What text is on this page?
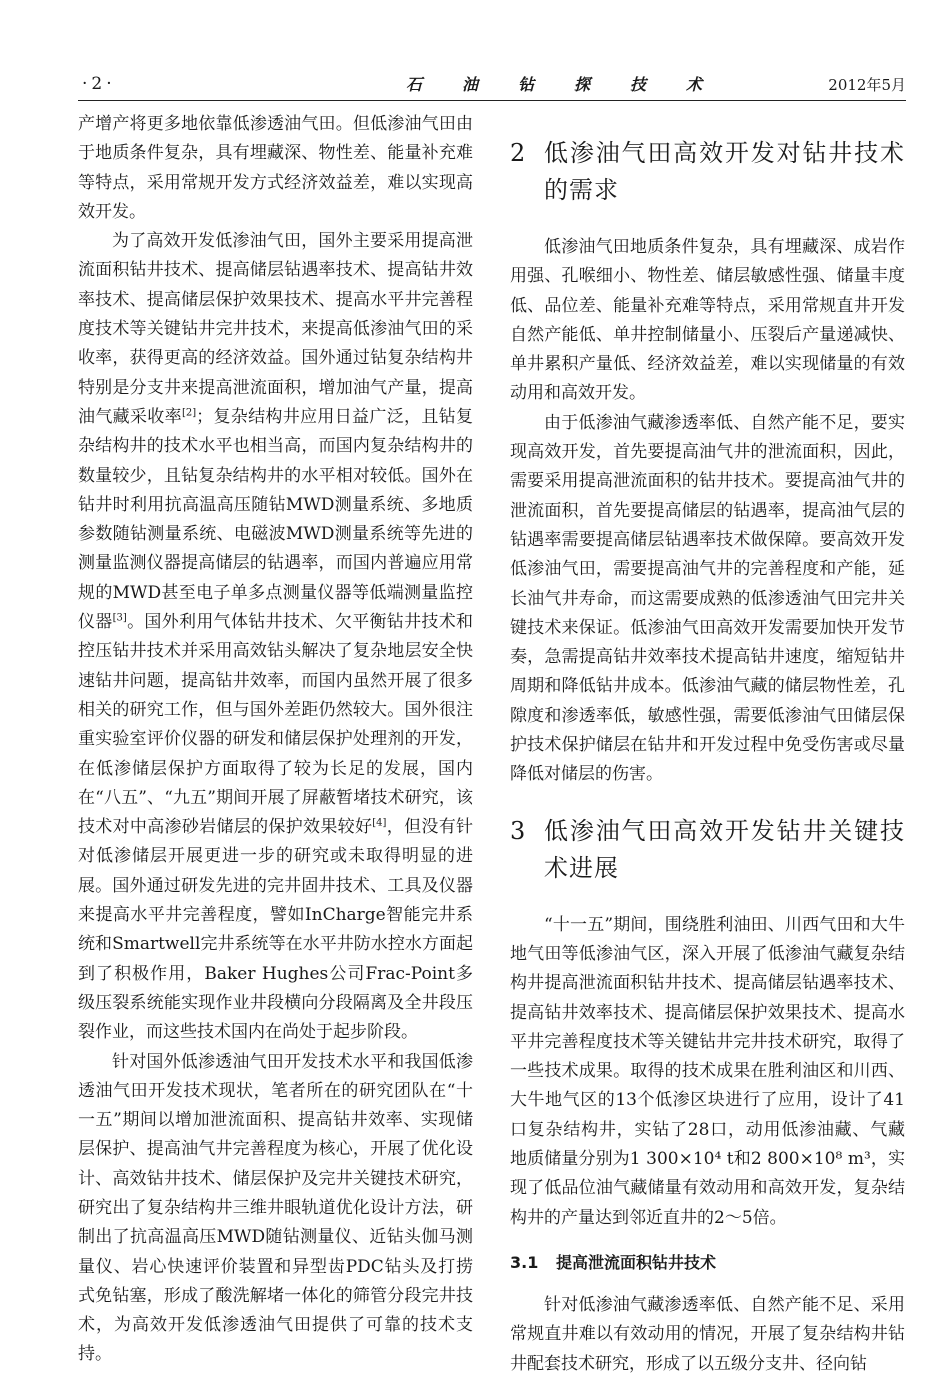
·2·	石油钻探技术	2012年5月

产增产将更多地依靠低渗透油气田。但低渗油气田由于地质条件复杂，具有埋藏深、物性差、能量补充难等特点，采用常规开发方式经济效益差，难以实现高效开发。

为了高效开发低渗油气田，国外主要采用提高泄流面积钻井技术、提高储层钻遇率技术、提高钻井效率技术、提高储层保护效果技术、提高水平井完善程度技术等关键钻井完井技术，来提高低渗油气田的采收率，获得更高的经济效益。国外通过钻复杂结构井特别是分支井来提高泄流面积，增加油气产量，提高油气藏采收率[2]；复杂结构井应用日益广泛，且钻复杂结构井的技术水平也相当高，而国内复杂结构井的数量较少，且钻复杂结构井的水平相对较低。国外在钻井时利用抗高温高压随钻MWD测量系统、多地质参数随钻测量系统、电磁波MWD测量系统等先进的测量监测仪器提高储层的钻遇率，而国内普遍应用常规的MWD甚至电子单多点测量仪器等低端测量监控仪器[3]。国外利用气体钻井技术、欠平衡钻井技术和控压钻井技术并采用高效钻头解决了复杂地层安全快速钻井问题，提高钻井效率，而国内虽然开展了很多相关的研究工作，但与国外差距仍然较大。国外很注重实验室评价仪器的研发和储层保护处理剂的开发，在低渗储层保护方面取得了较为长足的发展，国内在“八五”、“九五”期间开展了屏蔽暂堵技术研究，该技术对中高渗砂岩储层的保护效果较好[4]，但没有针对低渗储层开展更进一步的研究或未取得明显的进展。国外通过研发先进的完井固井技术、工具及仪器来提高水平井完善程度，譬如InCharge智能完井系统和Smartwell完井系统等在水平井防水控水方面起到了积极作用，Baker Hughes公司Frac-Point多级压裂系统能实现作业井段横向分段隔离及全井段压裂作业，而这些技术国内在尚处于起步阶段。

针对国外低渗透油气田开发技术水平和我国低渗透油气田开发技术现状，笔者所在的研究团队在“十一五”期间以增加泄流面积、提高钻井效率、实现储层保护、提高油气井完善程度为核心，开展了优化设计、高效钻井技术、储层保护及完井关键技术研究，研究出了复杂结构井三维井眼轨道优化设计方法，研制出了抗高温高压MWD随钻测量仪、近钻头伽马测量仪、岩心快速评价装置和异型齿PDC钻头及打捞式免钻塞，形成了酸洗解堵一体化的筛管分段完井技术，为高效开发低渗透油气田提供了可靠的技术支持。

2 低渗油气田高效开发对钻井技术的需求

低渗油气田地质条件复杂，具有埋藏深、成岩作用强、孔喉细小、物性差、储层敏感性强、储量丰度低、品位差、能量补充难等特点，采用常规直井开发自然产能低、单井控制储量小、压裂后产量递减快、单井累积产量低、经济效益差，难以实现储量的有效动用和高效开发。

由于低渗油气藏渗透率低、自然产能不足，要实现高效开发，首先要提高油气井的泄流面积，因此，需要采用提高泄流面积的钻井技术。要提高油气井的泄流面积，首先要提高储层的钻遇率，提高油气层的钻遇率需要提高储层钻遇率技术做保障。要高效开发低渗油气田，需要提高油气井的完善程度和产能，延长油气井寿命，而这需要成熟的低渗透油气田完井关键技术来保证。低渗油气田高效开发需要加快开发节奏，急需提高钻井效率技术提高钻井速度，缩短钻井周期和降低钻井成本。低渗油气藏的储层物性差，孔隙度和渗透率低，敏感性强，需要低渗油气田储层保护技术保护储层在钻井和开发过程中免受伤害或尽量降低对储层的伤害。

3 低渗油气田高效开发钻井关键技术进展

“十一五”期间，围绕胜利油田、川西气田和大牛地气田等低渗油气区，深入开展了低渗油气藏复杂结构井提高泄流面积钻井技术、提高储层钻遇率技术、提高钻井效率技术、提高储层保护效果技术、提高水平井完善程度技术等关键钻井完井技术研究，取得了一些技术成果。取得的技术成果在胜利油区和川西、大牛地气区的13个低渗区块进行了应用，设计了41口复杂结构井，实钻了28口，动用低渗油藏、气藏地质储量分别为1 300×10⁴ t和2 800×10⁸ m³，实现了低品位油气藏储量有效动用和高效开发，复杂结构井的产量达到邻近直井的2～5倍。

3.1 提高泄流面积钻井技术

针对低渗油气藏渗透率低、自然产能不足、采用常规直井难以有效动用的情况，开展了复杂结构井钻井配套技术研究，形成了以五级分支井、径向钻
